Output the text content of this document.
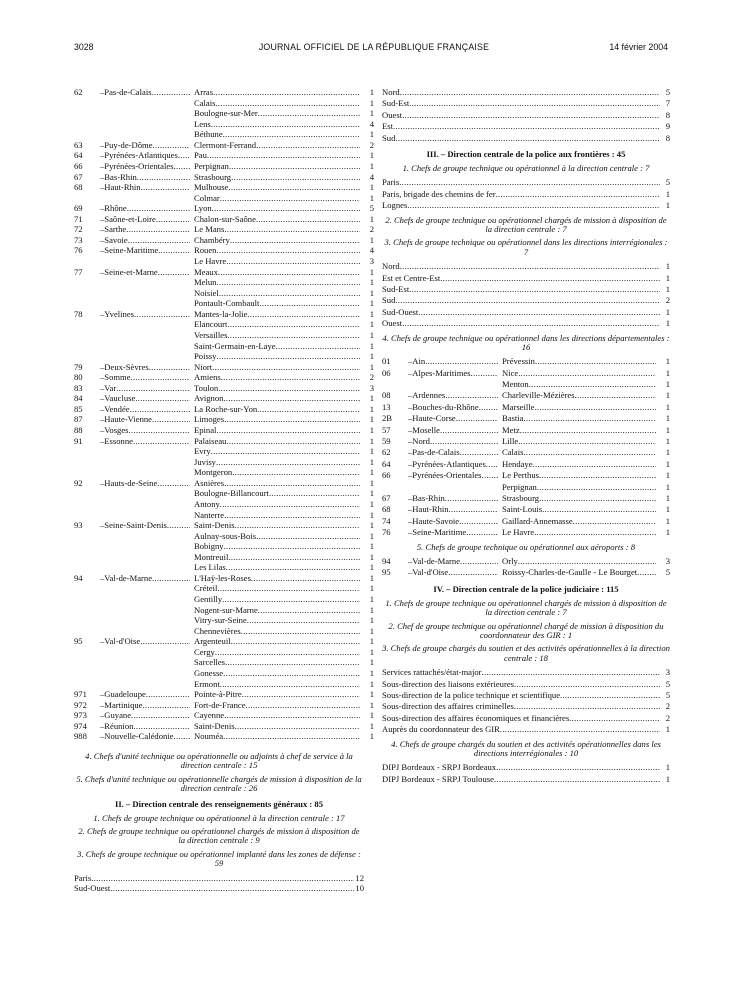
3028	JOURNAL OFFICIEL DE LA RÉPUBLIQUE FRANÇAISE	14 février 2004
62	– Pas-de-Calais .....	Arras .....	1
Calais .....	1
Boulogne-sur-Mer .....	1
Lens .....	4
Béthune .....	1
63	– Puy-de-Dôme .....	Clermont-Ferrand .....	2
64	– Pyrénées-Atlantiques ..... Pau .....	1
66	– Pyrénées-Orientales ..... Perpignan .....	1
67	– Bas-Rhin .....	Strasbourg .....	4
68	– Haut-Rhin .....	Mulhouse .....	1
Colmar .....	1
69	– Rhône .....	Lyon .....	5
71	– Saône-et-Loire .....	Chalon-sur-Saône .....	1
72	– Sarthe .....	Le Mans .....	2
73	– Savoie .....	Chambéry .....	1
76	– Seine-Maritime .....	Rouen .....	4
Le Havre .....	3
77	– Seine-et-Marne .....	Meaux .....	1
Melun .....	1
Noisiel .....	1
Pontault-Combault .....	1
78	– Yvelines .....	Mantes-la-Jolie .....	1
Elancourt .....	1
Versailles .....	1
Saint-Germain-en-Laye .....	1
Poissy .....	1
79	– Deux-Sèvres .....	Niort .....	1
80	– Somme .....	Amiens .....	2
83	– Var .....	Toulon .....	3
84	– Vaucluse .....	Avignon .....	1
85	– Vendée .....	La Roche-sur-Yon .....	1
87	– Haute-Vienne .....	Limoges .....	1
88	– Vosges .....	Epinal .....	1
91	– Essonne .....	Palaiseau .....	1
Evry .....	1
Juvisy .....	1
Montgeron .....	1
92	– Hauts-de-Seine .....	Asnières .....	1
Boulogne-Billancourt .....	1
Antony .....	1
Nanterre .....	1
93	– Seine-Saint-Denis .....	Saint-Denis .....	1
Aulnay-sous-Bois .....	1
Bobigny .....	1
Montreuil .....	1
Les Lilas .....	1
94	– Val-de-Marne .....	L'Haÿ-les-Roses .....	1
Créteil .....	1
Gentilly .....	1
Nogent-sur-Marne .....	1
Vitry-sur-Seine .....	1
Chennevières .....	1
95	– Val-d'Oise .....	Argenteuil .....	1
Cergy .....	1
Sarcelles .....	1
Gonesse .....	1
Ermont .....	1
971	– Guadeloupe .....	Pointe-à-Pitre .....	1
972	– Martinique .....	Fort-de-France .....	1
973	– Guyane .....	Cayenne .....	1
974	– Réunion .....	Saint-Denis .....	1
988	– Nouvelle-Calédonie ..... Nouméa .....	1
4. Chefs d'unité technique ou opérationnelle ou adjoints à chef de service à la direction centrale : 15
5. Chefs d'unité technique ou opérationnelle chargés de mission à disposition de la direction centrale : 26
II. – Direction centrale des renseignements généraux : 85
1. Chefs de groupe technique ou opérationnel à la direction centrale : 17
2. Chefs de groupe technique ou opérationnel chargés de mission à disposition de la direction centrale : 9
3. Chefs de groupe technique ou opérationnel implanté dans les zones de défense : 59
Paris .....	12
Sud-Ouest .....	10
Nord .....	5
Sud-Est .....	7
Ouest .....	8
Est .....	9
Sud .....	8
III. – Direction centrale de la police aux frontières : 45
1. Chefs de groupe technique ou opérationnel à la direction centrale : 7
Paris .....	5
Paris, brigade des chemins de fer .....	1
Lognes .....	1
2. Chefs de groupe technique ou opérationnel chargés de mission à disposition de la direction centrale : 7
3. Chefs de groupe technique ou opérationnel dans les directions interrégionales : 7
Nord .....	1
Est et Centre-Est .....	1
Sud-Est .....	1
Sud .....	2
Sud-Ouest .....	1
Ouest .....	1
4. Chefs de groupe technique ou opérationnel dans les directions départementales : 16
01	– Ain .....	Prévessin .....	1
06	– Alpes-Maritimes .....	Nice .....	1
Menton .....	1
08	– Ardennes .....	Charleville-Mézières .....	1
13	– Bouches-du-Rhône .....	Marseille .....	1
2B	– Haute-Corse .....	Bastia .....	1
57	– Moselle .....	Metz .....	1
59	– Nord .....	Lille .....	1
62	– Pas-de-Calais .....	Calais .....	1
64	– Pyrénées-Atlantiques ..... Hendaye .....	1
66	– Pyrénées-Orientales ..... Le Perthus .....	1
Perpignan .....	1
67	– Bas-Rhin .....	Strasbourg .....	1
68	– Haut-Rhin .....	Saint-Louis .....	1
74	– Haute-Savoie .....	Gaillard-Annemasse .....	1
76	– Seine-Maritime .....	Le Havre .....	1
5. Chefs de groupe technique ou opérationnel aux aéroports : 8
94	– Val-de-Marne .....	Orly .....	3
95	– Val-d'Oise .....	Roissy-Charles-de-Gaulle - Le Bourget .....	5
IV. – Direction centrale de la police judiciaire : 115
1. Chefs de groupe technique ou opérationnel chargés de mission à disposition de la direction centrale : 7
2. Chef de groupe technique ou opérationnel chargé de mission à disposition du coordonnateur des GIR : 1
3. Chefs de groupe chargés du soutien et des activités opérationnelles à la direction centrale : 18
Services rattachés/état-major .....	3
Sous-direction des liaisons extérieures .....	5
Sous-direction de la police technique et scientifique .....	5
Sous-direction des affaires criminelles .....	2
Sous-direction des affaires économiques et financières .....	2
Auprès du coordonnateur des GIR .....	1
4. Chefs de groupe chargés du soutien et des activités opérationnelles dans les directions interrégionales : 10
DIPJ Bordeaux - SRPJ Bordeaux .....	1
DIPJ Bordeaux - SRPJ Toulouse .....	1
